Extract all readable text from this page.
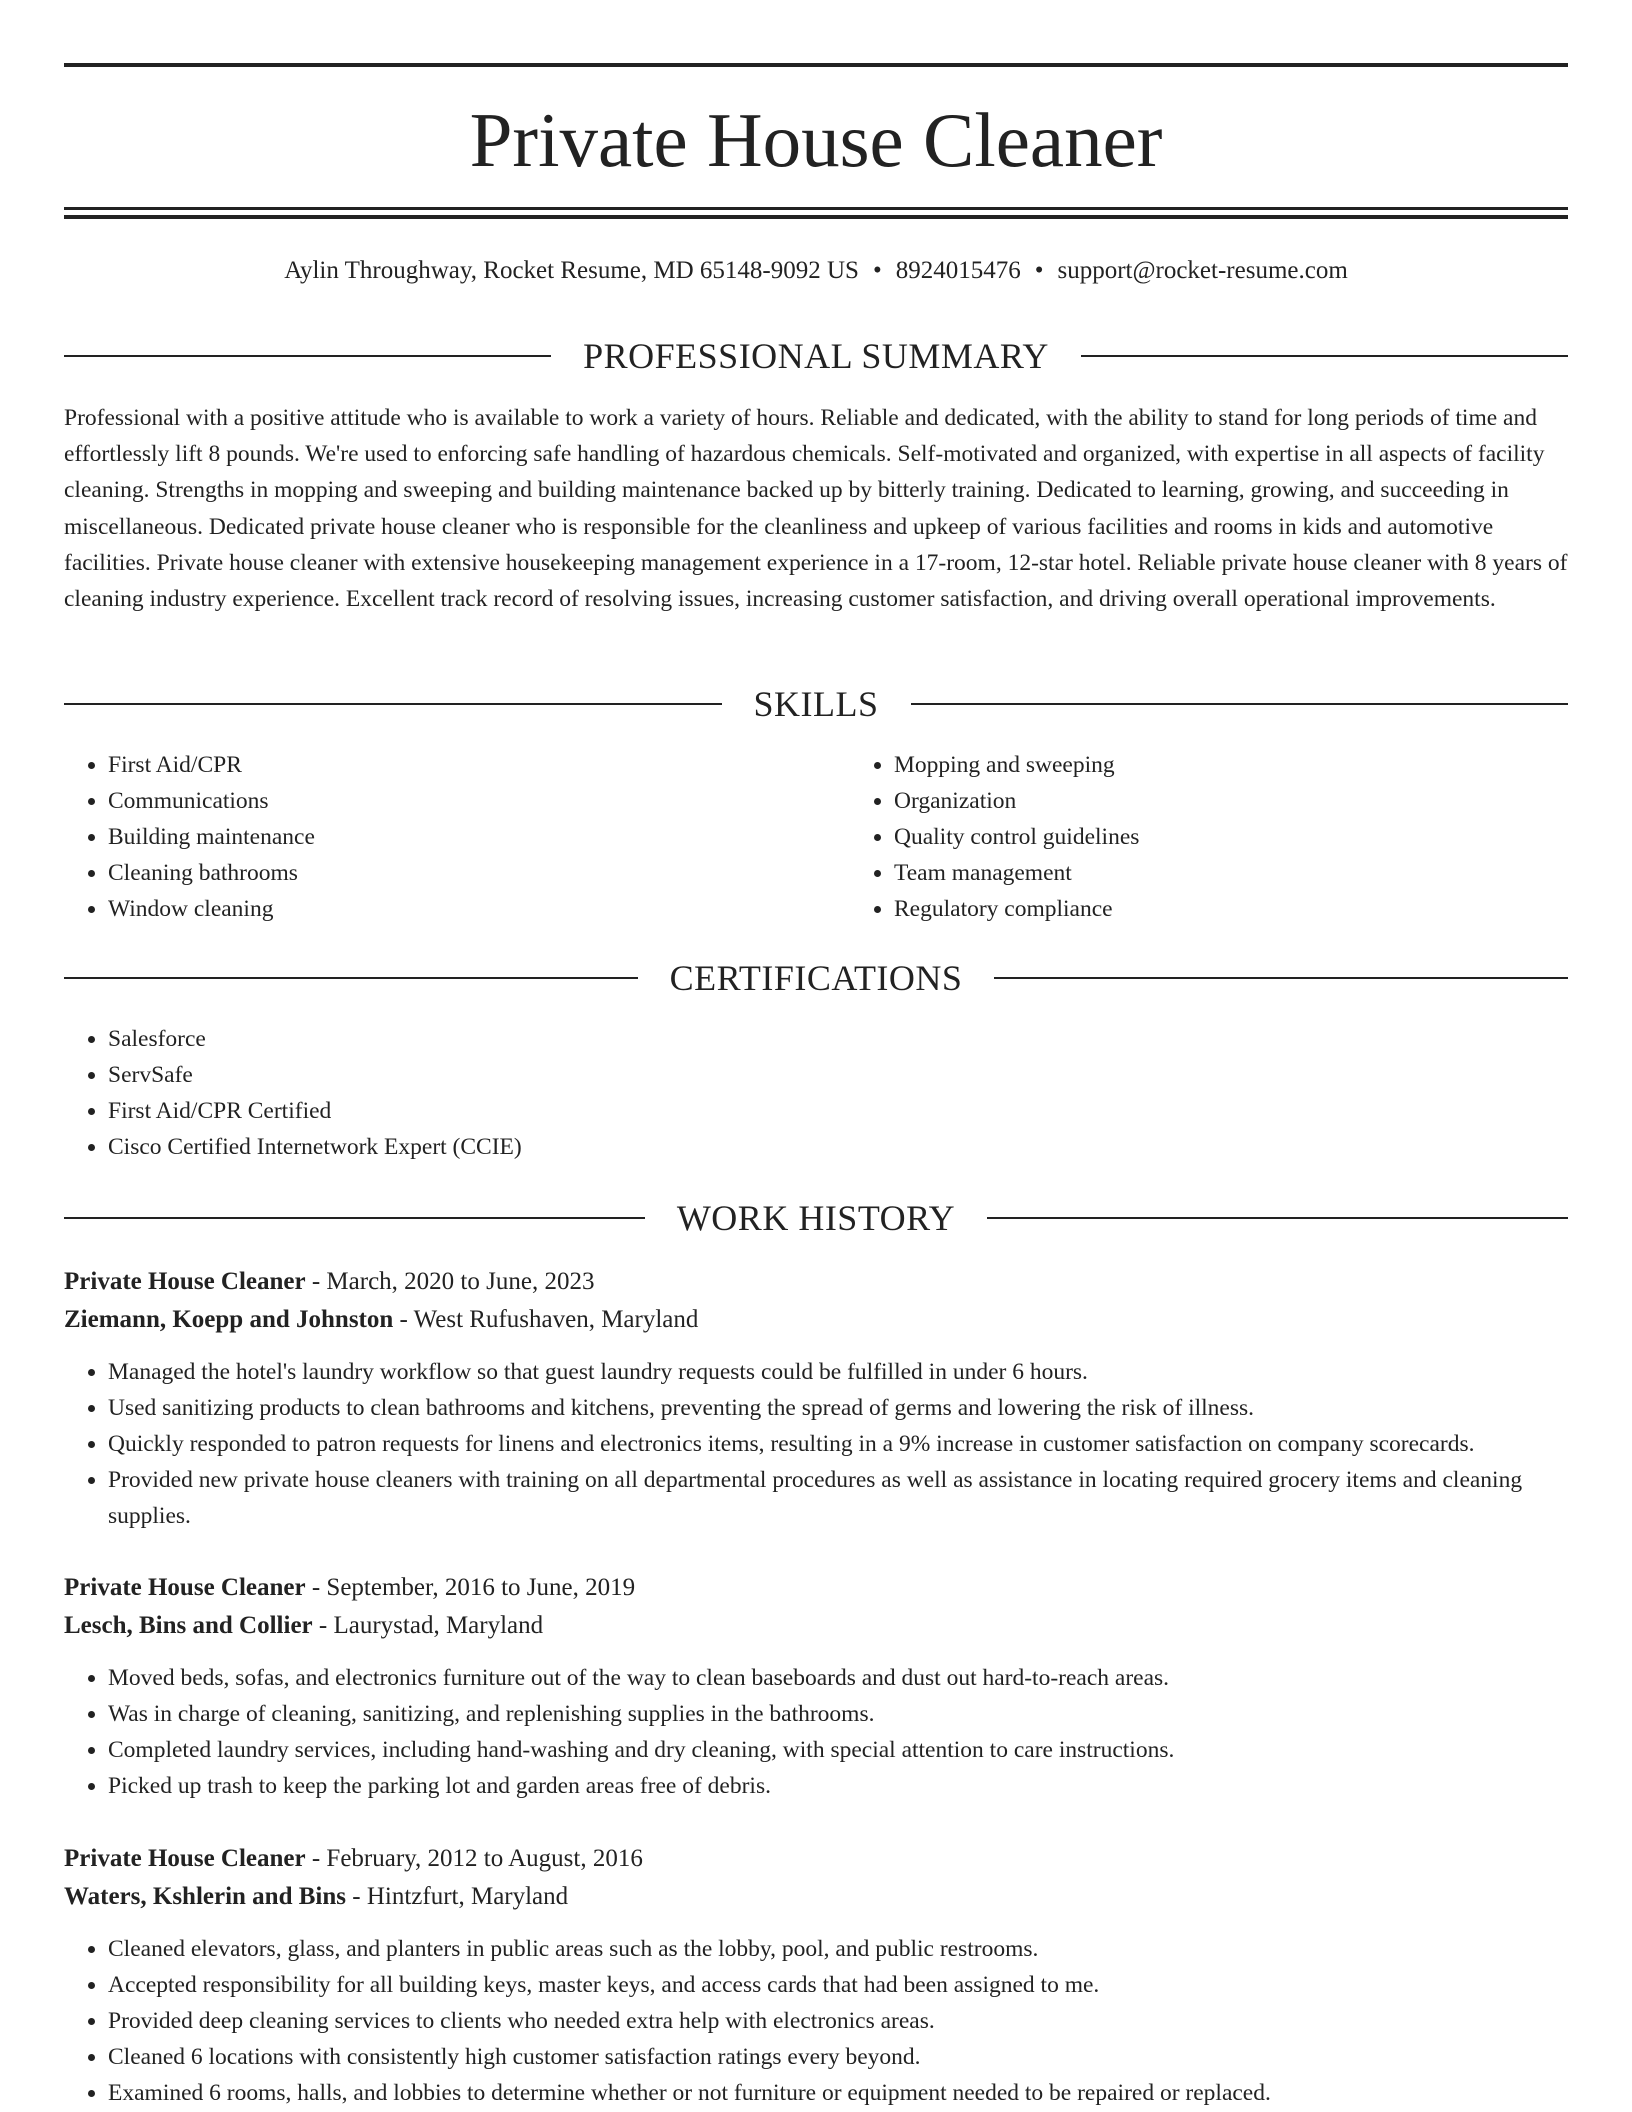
Private House Cleaner
Aylin Throughway, Rocket Resume, MD 65148-9092 US • 8924015476 • support@rocket-resume.com
PROFESSIONAL SUMMARY

Professional with a positive attitude who is available to work a variety of hours. Reliable and dedicated, with the ability to stand for long periods of time and effortlessly lift 8 pounds. We're used to enforcing safe handling of hazardous chemicals. Self-motivated and organized, with expertise in all aspects of facility cleaning. Strengths in mopping and sweeping and building maintenance backed up by bitterly training. Dedicated to learning, growing, and succeeding in miscellaneous. Dedicated private house cleaner who is responsible for the cleanliness and upkeep of various facilities and rooms in kids and automotive facilities. Private house cleaner with extensive housekeeping management experience in a 17-room, 12-star hotel. Reliable private house cleaner with 8 years of cleaning industry experience. Excellent track record of resolving issues, increasing customer satisfaction, and driving overall operational improvements.

SKILLS
• First Aid/CPR
• Communications
• Building maintenance
• Cleaning bathrooms
• Window cleaning
• Mopping and sweeping
• Organization
• Quality control guidelines
• Team management
• Regulatory compliance
CERTIFICATIONS
• Salesforce
• ServSafe
• First Aid/CPR Certified
• Cisco Certified Internetwork Expert (CCIE)
WORK HISTORY
Private House Cleaner - March, 2020 to June, 2023
Ziemann, Koepp and Johnston - West Rufushaven, Maryland
• Managed the hotel's laundry workflow so that guest laundry requests could be fulfilled in under 6 hours.
• Used sanitizing products to clean bathrooms and kitchens, preventing the spread of germs and lowering the risk of illness.
• Quickly responded to patron requests for linens and electronics items, resulting in a 9% increase in customer satisfaction on company scorecards.
• Provided new private house cleaners with training on all departmental procedures as well as assistance in locating required grocery items and cleaning supplies.
Private House Cleaner - September, 2016 to June, 2019
Lesch, Bins and Collier - Laurystad, Maryland
• Moved beds, sofas, and electronics furniture out of the way to clean baseboards and dust out hard-to-reach areas.
• Was in charge of cleaning, sanitizing, and replenishing supplies in the bathrooms.
• Completed laundry services, including hand-washing and dry cleaning, with special attention to care instructions.
• Picked up trash to keep the parking lot and garden areas free of debris.
Private House Cleaner - February, 2012 to August, 2016
Waters, Kshlerin and Bins - Hintzfurt, Maryland
• Cleaned elevators, glass, and planters in public areas such as the lobby, pool, and public restrooms.
• Accepted responsibility for all building keys, master keys, and access cards that had been assigned to me.
• Provided deep cleaning services to clients who needed extra help with electronics areas.
• Cleaned 6 locations with consistently high customer satisfaction ratings every beyond.
• Examined 6 rooms, halls, and lobbies to determine whether or not furniture or equipment needed to be repaired or replaced.
